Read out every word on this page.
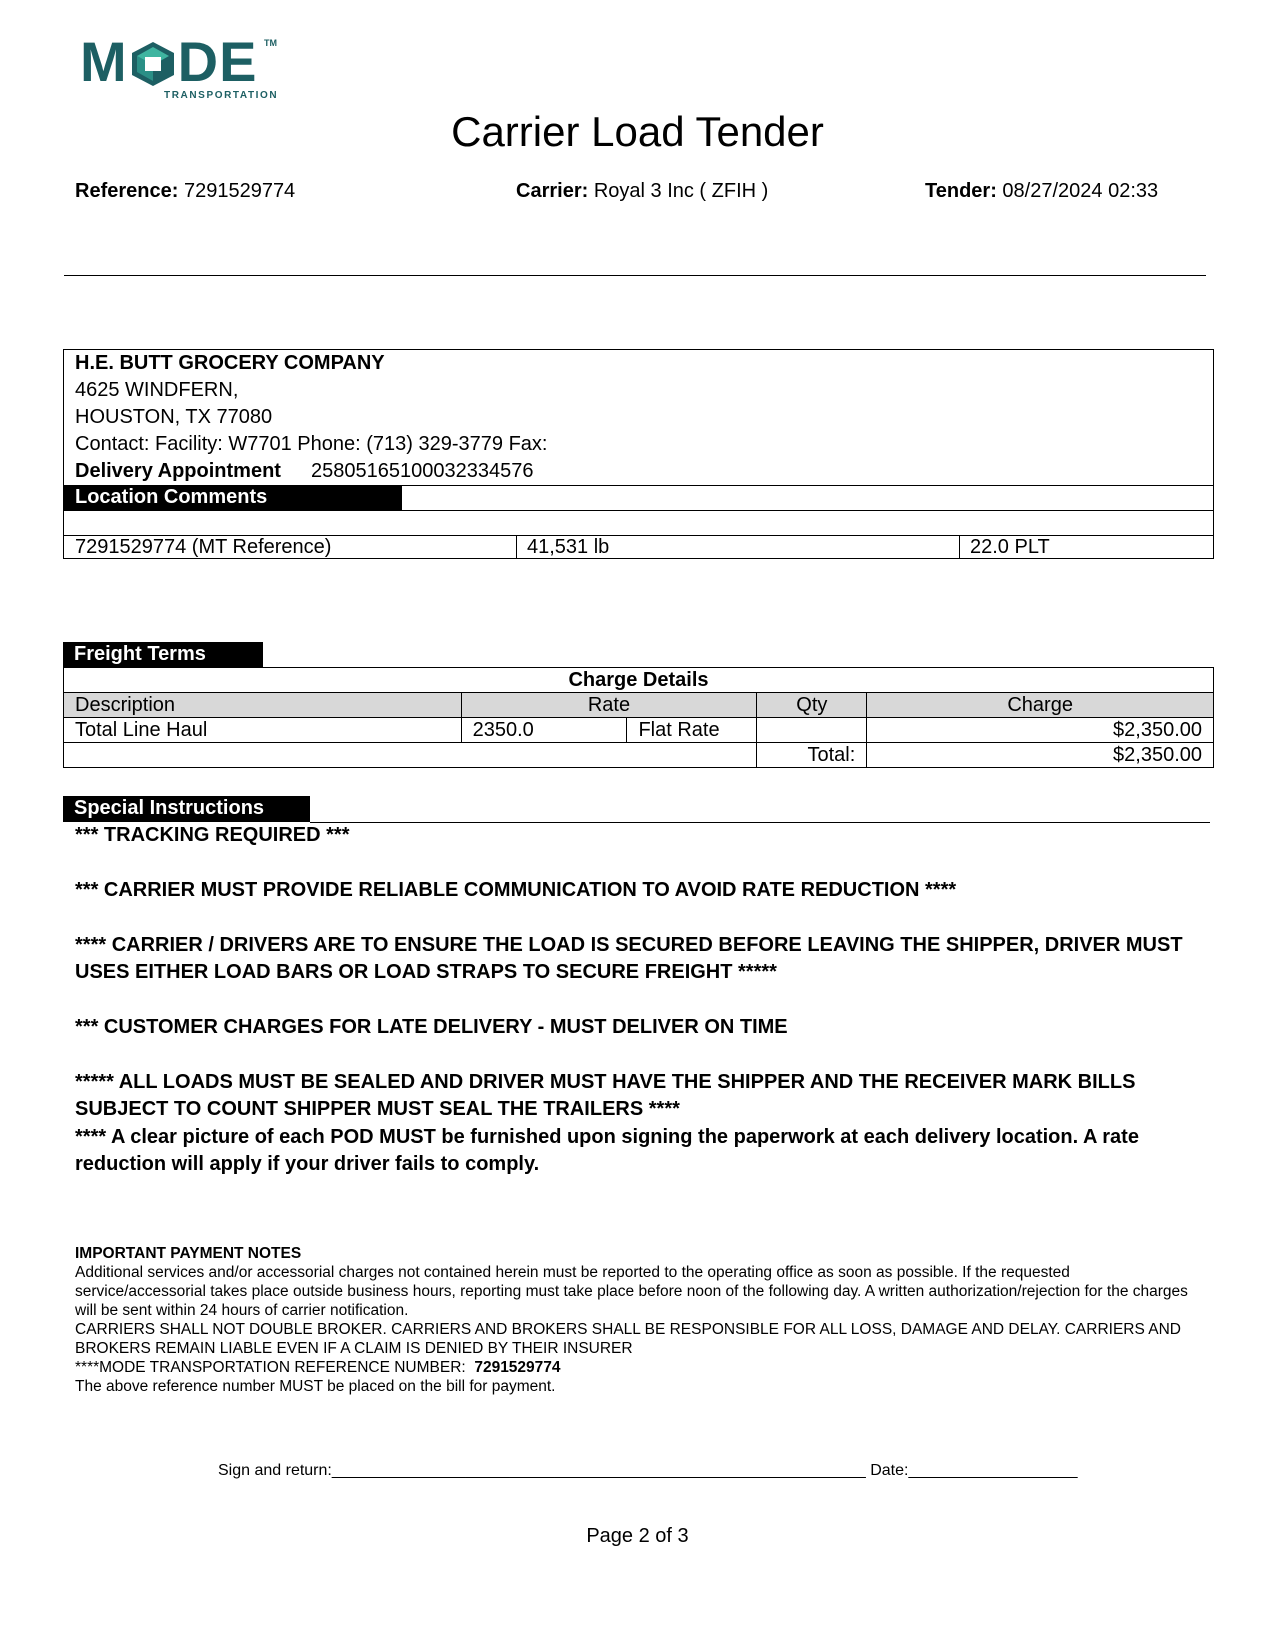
M DE TM
TRANSPORTATION
Carrier Load Tender
Reference: 7291529774	Carrier: Royal 3 Inc ( ZFIH )	Tender: 08/27/2024 02:33
H.E. BUTT GROCERY COMPANY
4625 WINDFERN,
HOUSTON, TX 77080
Contact: Facility: W7701 Phone: (713) 329-3779 Fax:
Delivery Appointment 25805165100032334576
Location Comments
7291529774 (MT Reference)	41,531 lb	22.0 PLT
Freight Terms
Charge Details				
Description	Rate		Qty	Charge
Total Line Haul	2350.0	Flat Rate		$2,350.00
			Total:	$2,350.00
Special Instructions
*** TRACKING REQUIRED ***
*** CARRIER MUST PROVIDE RELIABLE COMMUNICATION TO AVOID RATE REDUCTION ****
**** CARRIER / DRIVERS ARE TO ENSURE THE LOAD IS SECURED BEFORE LEAVING THE SHIPPER, DRIVER MUST USES EITHER LOAD BARS OR LOAD STRAPS TO SECURE FREIGHT *****
*** CUSTOMER CHARGES FOR LATE DELIVERY - MUST DELIVER ON TIME
***** ALL LOADS MUST BE SEALED AND DRIVER MUST HAVE THE SHIPPER AND THE RECEIVER MARK BILLS SUBJECT TO COUNT SHIPPER MUST SEAL THE TRAILERS ****
**** A clear picture of each POD MUST be furnished upon signing the paperwork at each delivery location. A rate reduction will apply if your driver fails to comply.
IMPORTANT PAYMENT NOTES
Additional services and/or accessorial charges not contained herein must be reported to the operating office as soon as possible. If the requested service/accessorial takes place outside business hours, reporting must take place before noon of the following day. A written authorization/rejection for the charges will be sent within 24 hours of carrier notification.
CARRIERS SHALL NOT DOUBLE BROKER. CARRIERS AND BROKERS SHALL BE RESPONSIBLE FOR ALL LOSS, DAMAGE AND DELAY. CARRIERS AND BROKERS REMAIN LIABLE EVEN IF A CLAIM IS DENIED BY THEIR INSURER
****MODE TRANSPORTATION REFERENCE NUMBER:  7291529774
The above reference number MUST be placed on the bill for payment.
Sign and return:____________________________________________________________ Date:___________________
Page 2 of 3
